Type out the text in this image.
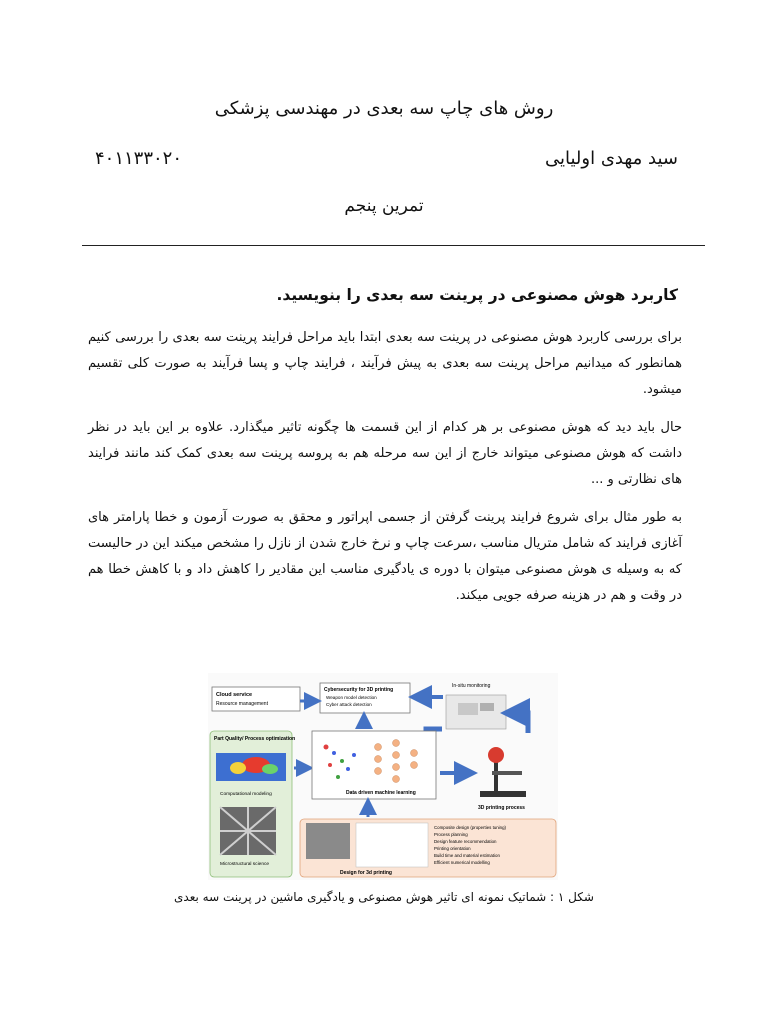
روش های چاپ سه بعدی در مهندسی پزشکی
سید مهدی اولیایی
۴۰۱۱۳۳۰۲۰
تمرین پنجم
کاربرد هوش مصنوعی در پرینت سه بعدی را بنویسید.

برای بررسی کاربرد هوش مصنوعی در پرینت سه بعدی ابتدا باید مراحل فرایند پرینت سه بعدی را بررسی کنیم همانطور که میدانیم مراحل پرینت سه بعدی به پیش فرآیند ، فرایند چاپ و پسا فرآیند به صورت کلی تقسیم میشود.

حال باید دید که هوش مصنوعی بر هر کدام از این قسمت ها چگونه تاثیر میگذارد. علاوه بر این باید در نظر داشت که هوش مصنوعی میتواند خارج از این سه مرحله هم به پروسه پرینت سه بعدی کمک کند مانند فرایند های نظارتی و ...

به طور مثال برای شروع فرایند پرینت گرفتن از جسمی اپراتور و محقق به صورت آزمون و خطا پارامتر های آغازی فرایند که شامل متریال مناسب ،سرعت چاپ و نرخ خارج شدن از نازل را مشخص میکند این در حالیست که به وسیله ی هوش مصنوعی میتوان با دوره ی یادگیری مناسب این مقادیر را کاهش داد و با کاهش خطا هم در وقت و هم در هزینه صرفه جویی میکند.

Cloud service
Resource management
Cybersecurity for 3D printing
Weapon model detection
Cyber attack detection
In-situ monitoring
Part Quality/ Process optimization
Computational modeling
Microstructural science
Data driven machine learning
3D printing process
Composite design (properties tuning)
Process planning
Design feature recommendation
Printing orientation
Build time and material estimation
Efficient numerical modelling
Design for 3d printing
شکل ۱ : شماتیک نمونه ای تاثیر هوش مصنوعی و یادگیری ماشین در پرینت سه بعدی
